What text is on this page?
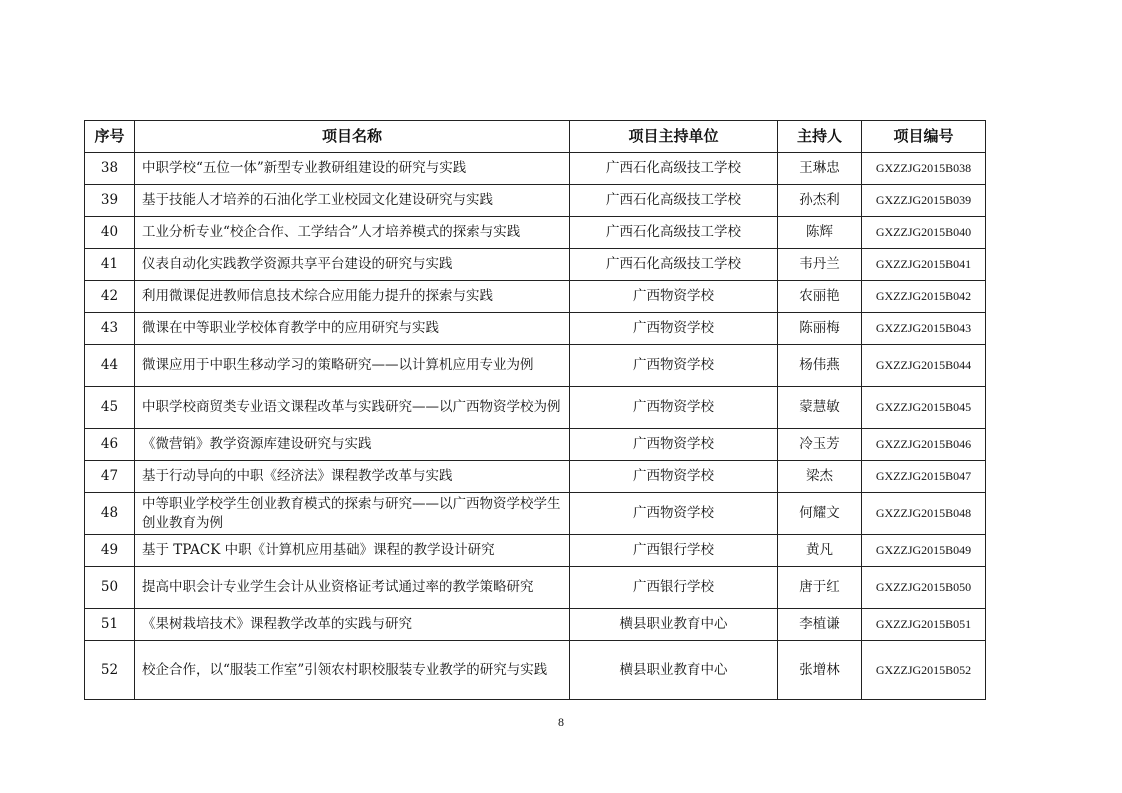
序号	项目名称	项目主持单位	主持人	项目编号
38	中职学校“五位一体”新型专业教研组建设的研究与实践	广西石化高级技工学校	王琳忠	GXZZJG2015B038
39	基于技能人才培养的石油化学工业校园文化建设研究与实践	广西石化高级技工学校	孙杰利	GXZZJG2015B039
40	工业分析专业“校企合作、工学结合”人才培养模式的探索与实践	广西石化高级技工学校	陈辉	GXZZJG2015B040
41	仪表自动化实践教学资源共享平台建设的研究与实践	广西石化高级技工学校	韦丹兰	GXZZJG2015B041
42	利用微课促进教师信息技术综合应用能力提升的探索与实践	广西物资学校	农丽艳	GXZZJG2015B042
43	微课在中等职业学校体育教学中的应用研究与实践	广西物资学校	陈丽梅	GXZZJG2015B043
44	微课应用于中职生移动学习的策略研究——以计算机应用专业为例	广西物资学校	杨伟燕	GXZZJG2015B044
45	中职学校商贸类专业语文课程改革与实践研究——以广西物资学校为例	广西物资学校	蒙慧敏	GXZZJG2015B045
46	《微营销》教学资源库建设研究与实践	广西物资学校	冷玉芳	GXZZJG2015B046
47	基于行动导向的中职《经济法》课程教学改革与实践	广西物资学校	梁杰	GXZZJG2015B047
48	中等职业学校学生创业教育模式的探索与研究——以广西物资学校学生创业教育为例	广西物资学校	何耀文	GXZZJG2015B048
49	基于 TPACK 中职《计算机应用基础》课程的教学设计研究	广西银行学校	黄凡	GXZZJG2015B049
50	提高中职会计专业学生会计从业资格证考试通过率的教学策略研究	广西银行学校	唐于红	GXZZJG2015B050
51	《果树栽培技术》课程教学改革的实践与研究	横县职业教育中心	李植谦	GXZZJG2015B051
52	校企合作，以“服装工作室”引领农村职校服装专业教学的研究与实践	横县职业教育中心	张增林	GXZZJG2015B052
8
